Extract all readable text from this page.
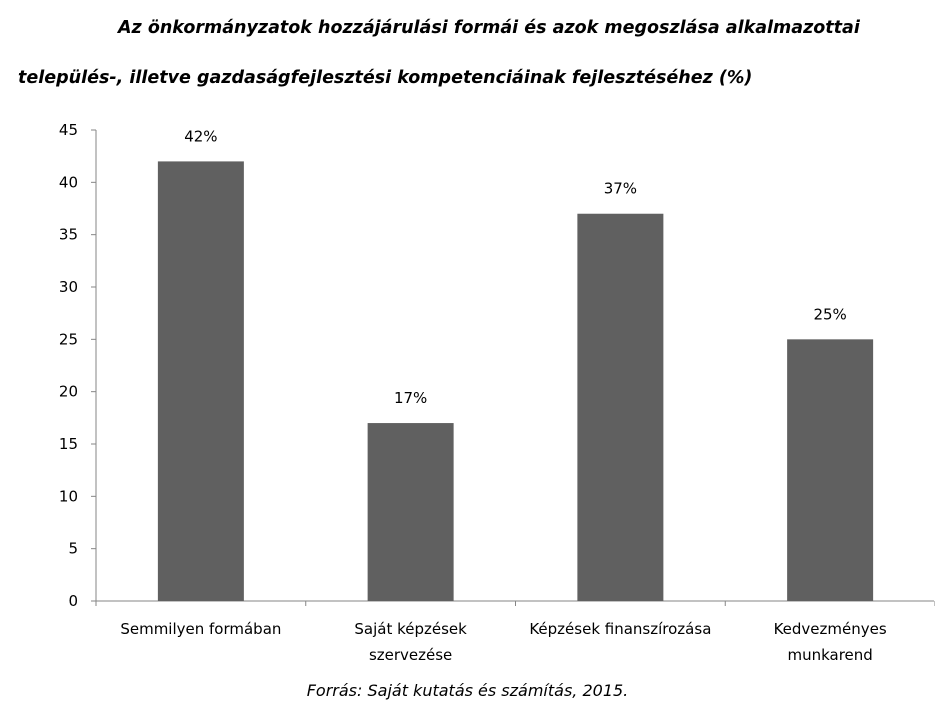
Az önkormányzatok hozzájárulási formái és azok megoszlása alkalmazottai
település-, illetve gazdaságfejlesztési kompetenciáinak fejlesztéséhez (%)
0
5
10
15
20
25
30
35
40
45	42%
Semmilyen formában
17%
Saját képzések
szervezése
37%
Képzések finanszírozása
25%
Kedvezményes
munkarend
Forrás: Saját kutatás és számítás, 2015.
